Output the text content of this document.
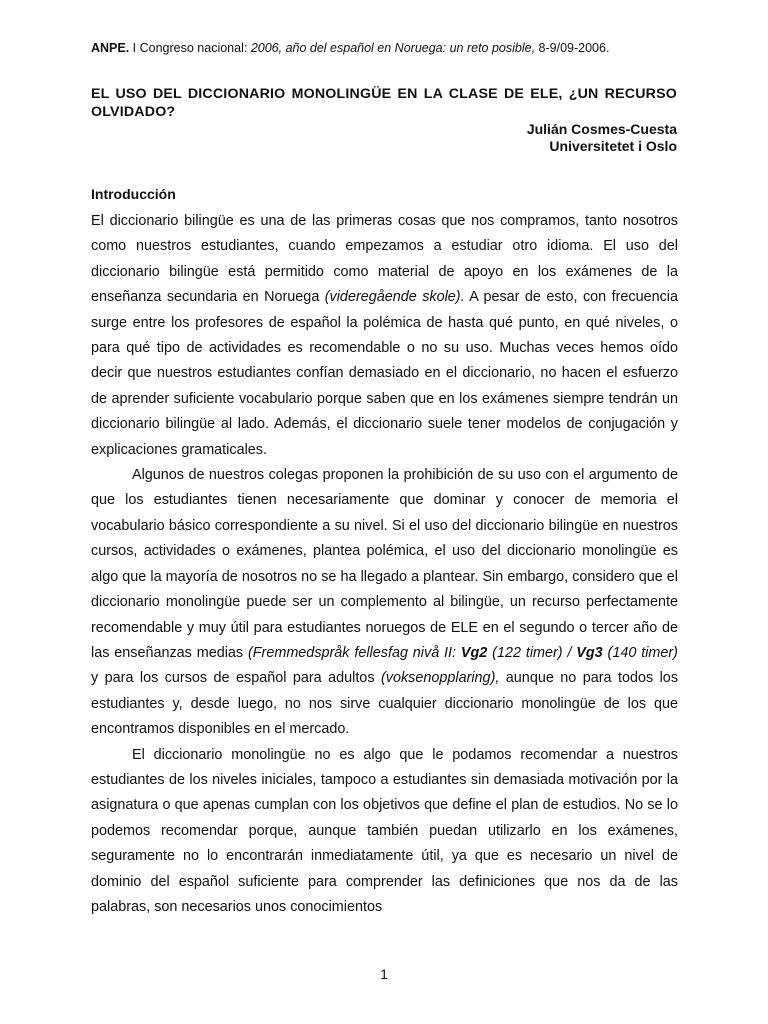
ANPE. I Congreso nacional: 2006, año del español en Noruega: un reto posible, 8-9/09-2006.
EL USO DEL DICCIONARIO MONOLINGÜE EN LA CLASE DE ELE, ¿UN RECURSO OLVIDADO?
Julián Cosmes-Cuesta
Universitetet i Oslo
Introducción

El diccionario bilingüe es una de las primeras cosas que nos compramos, tanto nosotros como nuestros estudiantes, cuando empezamos a estudiar otro idioma. El uso del diccionario bilingüe está permitido como material de apoyo en los exámenes de la enseñanza secundaria en Noruega (videregående skole). A pesar de esto, con frecuencia surge entre los profesores de español la polémica de hasta qué punto, en qué niveles, o para qué tipo de actividades es recomendable o no su uso. Muchas veces hemos oído decir que nuestros estudiantes confían demasiado en el diccionario, no hacen el esfuerzo de aprender suficiente vocabulario porque saben que en los exámenes siempre tendrán un diccionario bilingüe al lado. Además, el diccionario suele tener modelos de conjugación y explicaciones gramaticales.

Algunos de nuestros colegas proponen la prohibición de su uso con el argumento de que los estudiantes tienen necesariamente que dominar y conocer de memoria el vocabulario básico correspondiente a su nivel. Si el uso del diccionario bilingüe en nuestros cursos, actividades o exámenes, plantea polémica, el uso del diccionario monolingüe es algo que la mayoría de nosotros no se ha llegado a plantear. Sin embargo, considero que el diccionario monolingüe puede ser un complemento al bilingüe, un recurso perfectamente recomendable y muy útil para estudiantes noruegos de ELE en el segundo o tercer año de las enseñanzas medias (Fremmedspråk fellesfag nivå II: Vg2 (122 timer) / Vg3 (140 timer) y para los cursos de español para adultos (voksenopplaring), aunque no para todos los estudiantes y, desde luego, no nos sirve cualquier diccionario monolingüe de los que encontramos disponibles en el mercado.

El diccionario monolingüe no es algo que le podamos recomendar a nuestros estudiantes de los niveles iniciales, tampoco a estudiantes sin demasiada motivación por la asignatura o que apenas cumplan con los objetivos que define el plan de estudios. No se lo podemos recomendar porque, aunque también puedan utilizarlo en los exámenes, seguramente no lo encontrarán inmediatamente útil, ya que es necesario un nivel de dominio del español suficiente para comprender las definiciones que nos da de las palabras, son necesarios unos conocimientos

1
